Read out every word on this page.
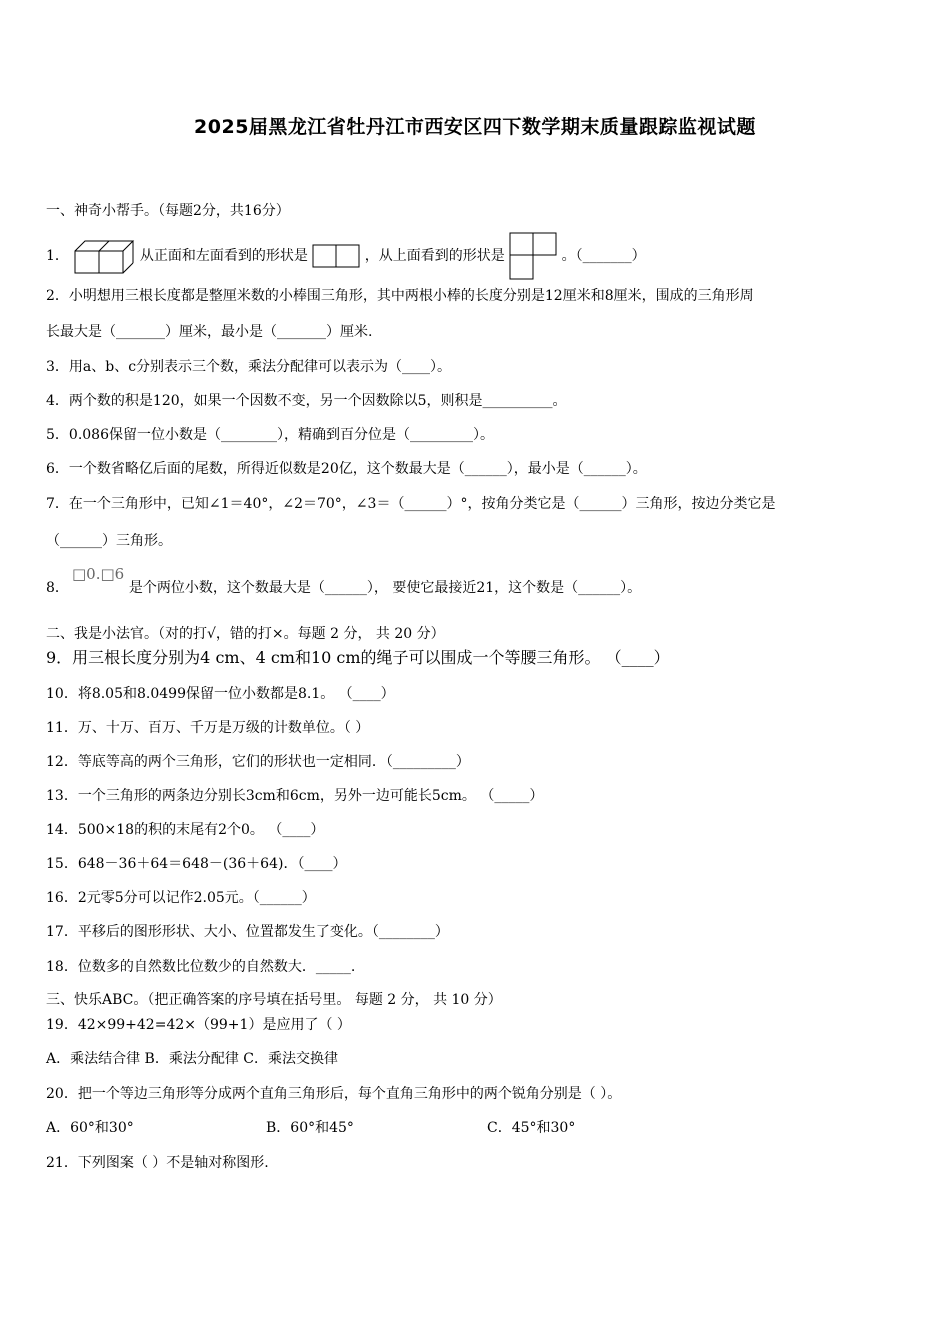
2025届黑龙江省牡丹江市西安区四下数学期末质量跟踪监视试题
一、神奇小帮手。（每题2分，共16分）
1．	从正面和左面看到的形状是	，从上面看到的形状是	。（_______）
2．小明想用三根长度都是整厘米数的小棒围三角形，其中两根小棒的长度分别是12厘米和8厘米，围成的三角形周
长最大是（_______）厘米，最小是（_______）厘米.
3．用a、b、c分别表示三个数，乘法分配律可以表示为（____）。
4．两个数的积是120，如果一个因数不变，另一个因数除以5，则积是__________。
5．0.086保留一位小数是（________），精确到百分位是（_________）。
6．一个数省略亿后面的尾数，所得近似数是20亿，这个数最大是（______），最小是（______）。
7．在一个三角形中，已知∠1＝40°，∠2＝70°，∠3＝（______）°，按角分类它是（______）三角形，按边分类它是
（______）三角形。
□0.□6
8．	是个两位小数，这个数最大是（______）， 要使它最接近21，这个数是（______）。
二、我是小法官。（对的打√，错的打×。每题 2 分， 共 20 分）
9．用三根长度分别为4 cm、4 cm和10 cm的绳子可以围成一个等腰三角形。 （____）
10．将8.05和8.0499保留一位小数都是8.1。 （____）
11．万、十万、百万、千万是万级的计数单位。（ ）
12．等底等高的两个三角形，它们的形状也一定相同．（_________）
13．一个三角形的两条边分别长3cm和6cm，另外一边可能长5cm。 （_____）
14．500×18的积的末尾有2个0。 （____）
15．648－36＋64＝648－(36＋64)．（____）
16．2元零5分可以记作2.05元。（______）
17．平移后的图形形状、大小、位置都发生了变化。（________）
18．位数多的自然数比位数少的自然数大．_____.
三、快乐ABC。（把正确答案的序号填在括号里。 每题 2 分， 共 10 分）
19．42×99+42=42×（99+1）是应用了（ ）
A．乘法结合律 B．乘法分配律 C．乘法交换律
20．把一个等边三角形等分成两个直角三角形后，每个直角三角形中的两个锐角分别是（ ）。
A．60°和30°	B．60°和45°	C．45°和30°
21．下列图案（ ）不是轴对称图形.
